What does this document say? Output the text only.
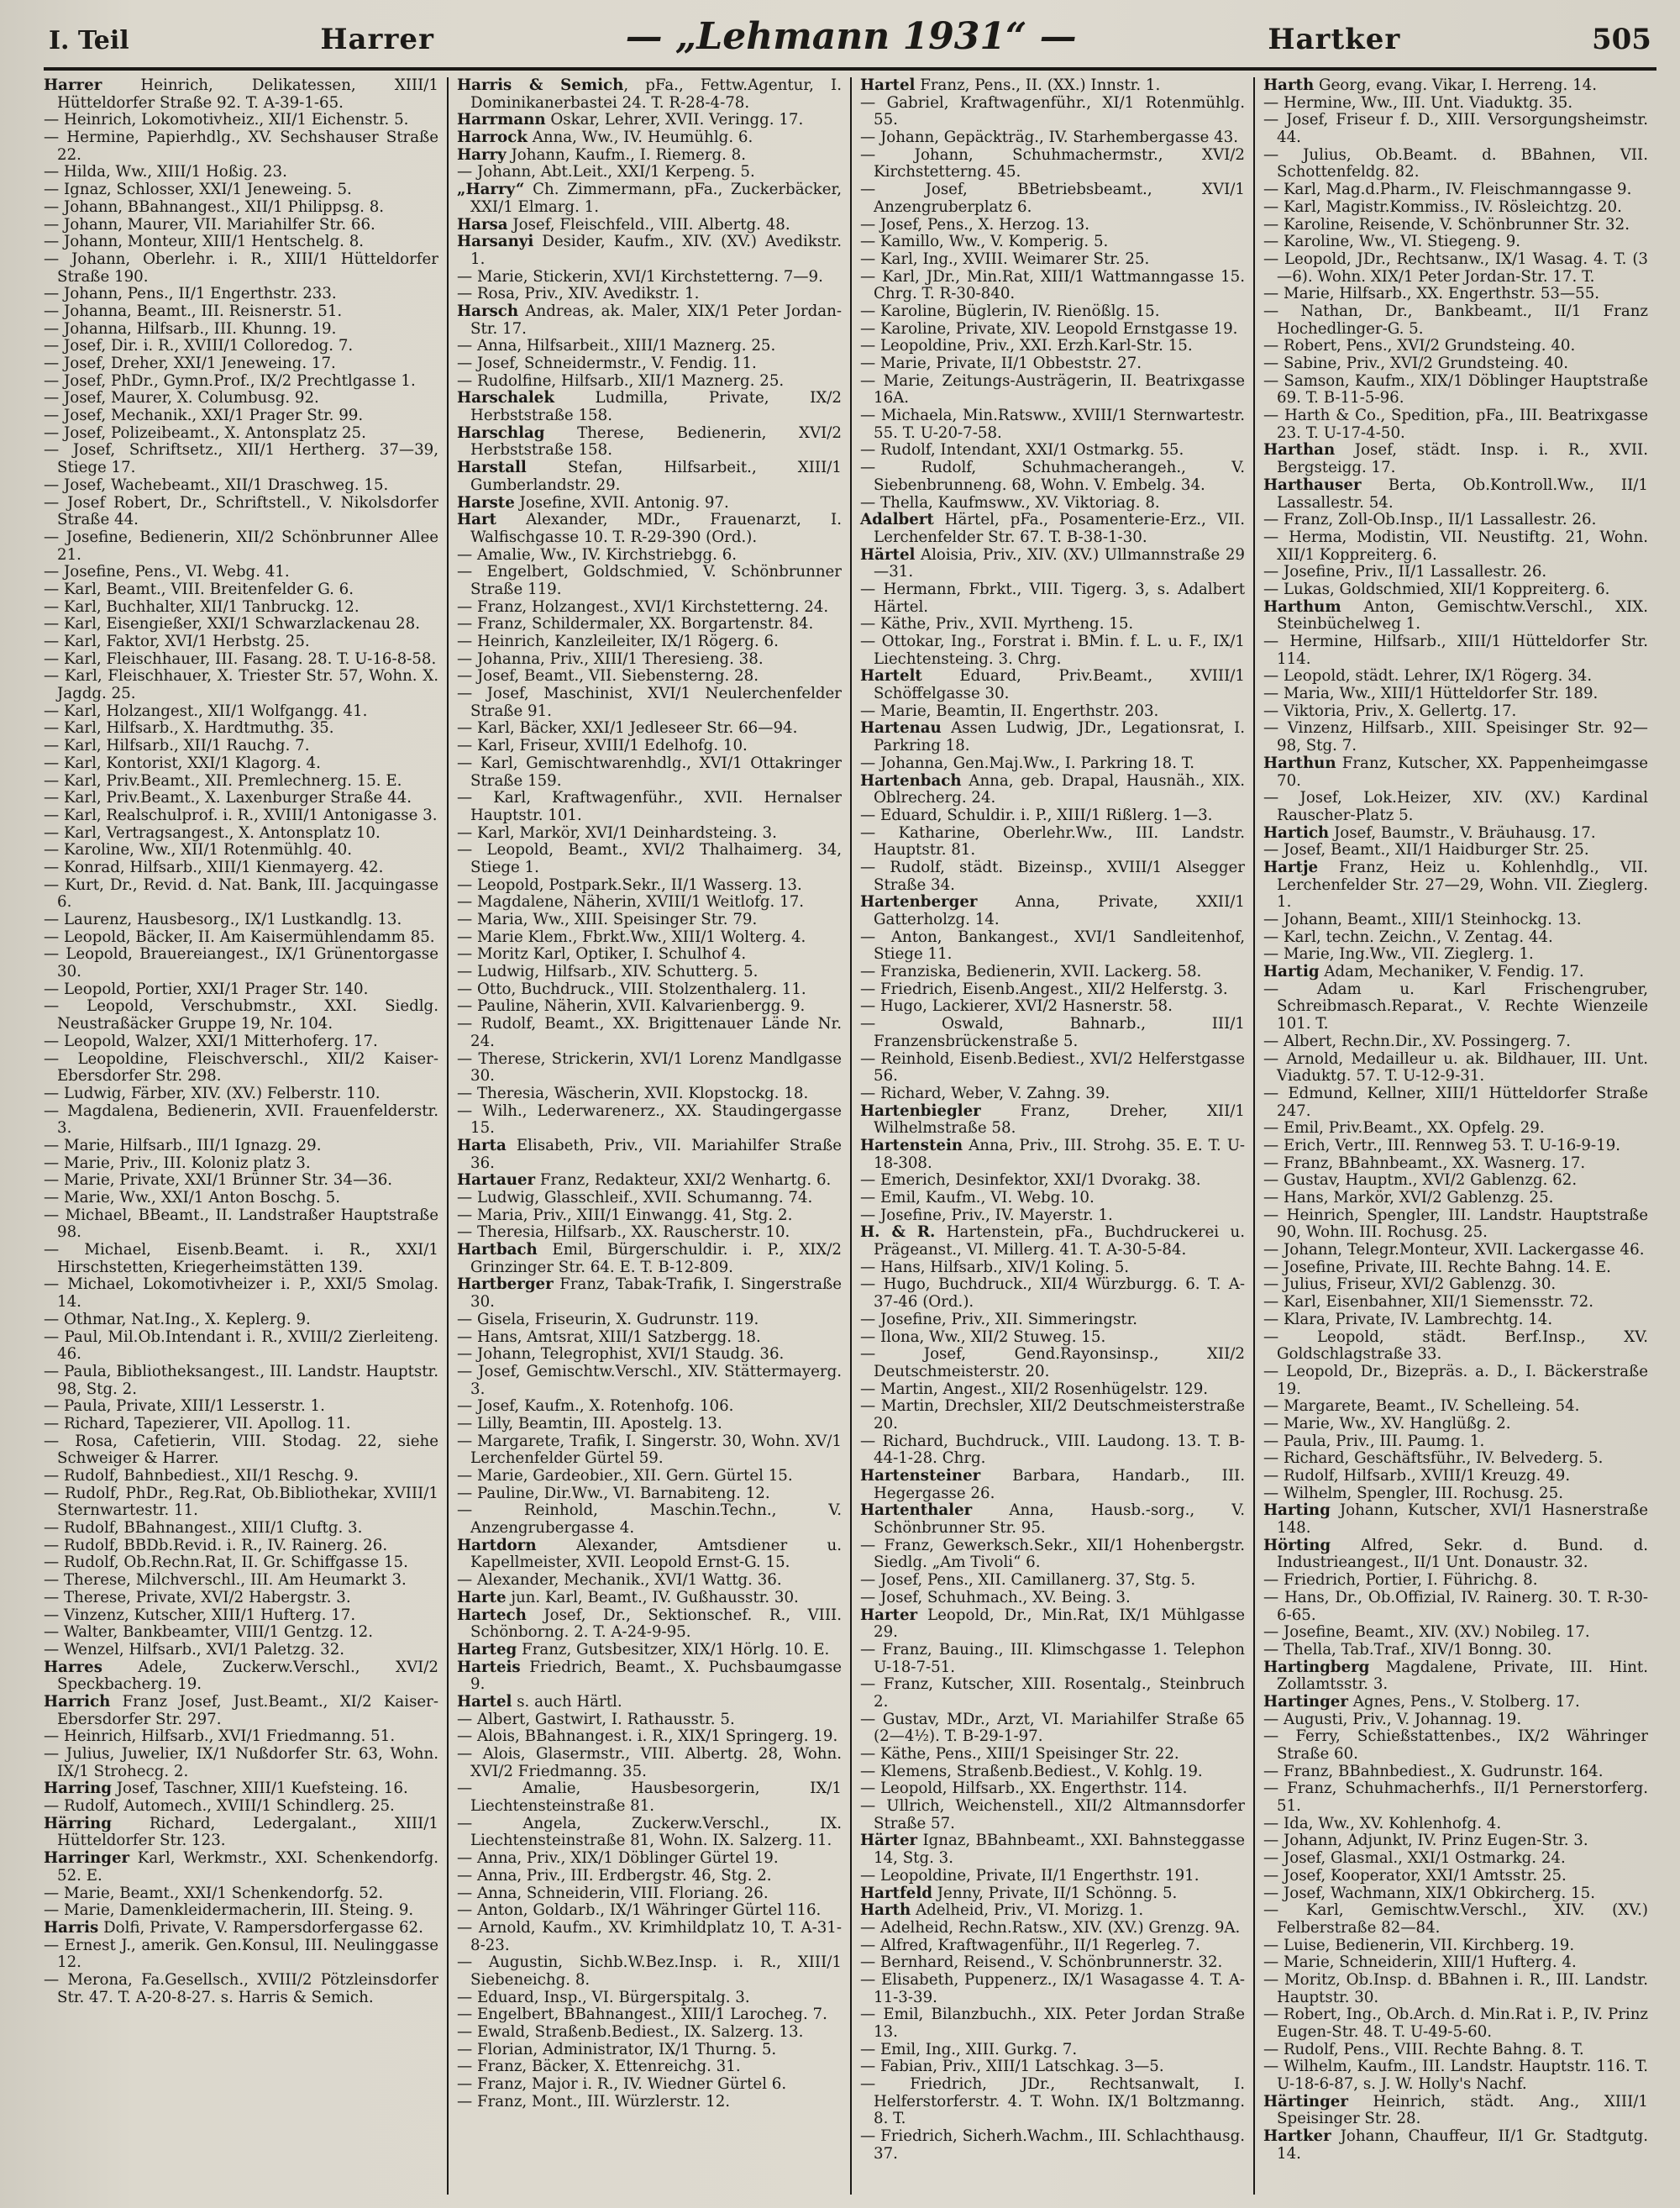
I. Teil	Harrer	— „Lehmann 1931“ —	Hartker	505

Harrer Heinrich, Delikatessen, XIII/1 Hütteldorfer Straße 92. T. A-39-1-65.

— Heinrich, Lokomotivheiz., XII/1 Eichenstr. 5.

— Hermine, Papierhdlg., XV. Sechshauser Straße 22.

— Hilda, Ww., XIII/1 Hoßig. 23.

— Ignaz, Schlosser, XXI/1 Jeneweing. 5.

— Johann, BBahnangest., XII/1 Philippsg. 8.

— Johann, Maurer, VII. Mariahilfer Str. 66.

— Johann, Monteur, XIII/1 Hentschelg. 8.

— Johann, Oberlehr. i. R., XIII/1 Hütteldorfer Straße 190.

— Johann, Pens., II/1 Engerthstr. 233.

— Johanna, Beamt., III. Reisnerstr. 51.

— Johanna, Hilfsarb., III. Khunng. 19.

— Josef, Dir. i. R., XVIII/1 Colloredog. 7.

— Josef, Dreher, XXI/1 Jeneweing. 17.

— Josef, PhDr., Gymn.Prof., IX/2 Prechtlgasse 1.

— Josef, Maurer, X. Columbusg. 92.

— Josef, Mechanik., XXI/1 Prager Str. 99.

— Josef, Polizeibeamt., X. Antonsplatz 25.

— Josef, Schriftsetz., XII/1 Hertherg. 37—39, Stiege 17.

— Josef, Wachebeamt., XII/1 Draschweg. 15.

— Josef Robert, Dr., Schriftstell., V. Nikolsdorfer Straße 44.

— Josefine, Bedienerin, XII/2 Schönbrunner Allee 21.

— Josefine, Pens., VI. Webg. 41.

— Karl, Beamt., VIII. Breitenfelder G. 6.

— Karl, Buchhalter, XII/1 Tanbruckg. 12.

— Karl, Eisengießer, XXI/1 Schwarzlackenau 28.

— Karl, Faktor, XVI/1 Herbstg. 25.

— Karl, Fleischhauer, III. Fasang. 28. T. U-16-8-58.

— Karl, Fleischhauer, X. Triester Str. 57, Wohn. X. Jagdg. 25.

— Karl, Holzangest., XII/1 Wolfgangg. 41.

— Karl, Hilfsarb., X. Hardtmuthg. 35.

— Karl, Hilfsarb., XII/1 Rauchg. 7.

— Karl, Kontorist, XXI/1 Klagorg. 4.

— Karl, Priv.Beamt., XII. Premlechnerg. 15. E.

— Karl, Priv.Beamt., X. Laxenburger Straße 44.

— Karl, Realschulprof. i. R., XVIII/1 Antonigasse 3.

— Karl, Vertragsangest., X. Antonsplatz 10.

— Karoline, Ww., XII/1 Rotenmühlg. 40.

— Konrad, Hilfsarb., XIII/1 Kienmayerg. 42.

— Kurt, Dr., Revid. d. Nat. Bank, III. Jacquingasse 6.

— Laurenz, Hausbesorg., IX/1 Lustkandlg. 13.

— Leopold, Bäcker, II. Am Kaisermühlendamm 85.

— Leopold, Brauereiangest., IX/1 Grünentorgasse 30.

— Leopold, Portier, XXI/1 Prager Str. 140.

— Leopold, Verschubmstr., XXI. Siedlg. Neustraßäcker Gruppe 19, Nr. 104.

— Leopold, Walzer, XXI/1 Mitterhoferg. 17.

— Leopoldine, Fleischverschl., XII/2 Kaiser-Ebersdorfer Str. 298.

— Ludwig, Färber, XIV. (XV.) Felberstr. 110.

— Magdalena, Bedienerin, XVII. Frauenfelderstr. 3.

— Marie, Hilfsarb., III/1 Ignazg. 29.

— Marie, Priv., III. Koloniz platz 3.

— Marie, Private, XXI/1 Brünner Str. 34—36.

— Marie, Ww., XXI/1 Anton Boschg. 5.

— Michael, BBeamt., II. Landstraßer Hauptstraße 98.

— Michael, Eisenb.Beamt. i. R., XXI/1 Hirschstetten, Kriegerheimstätten 139.

— Michael, Lokomotivheizer i. P., XXI/5 Smolag. 14.

— Othmar, Nat.Ing., X. Keplerg. 9.

— Paul, Mil.Ob.Intendant i. R., XVIII/2 Zierleiteng. 46.

— Paula, Bibliotheksangest., III. Landstr. Hauptstr. 98, Stg. 2.

— Paula, Private, XIII/1 Lesserstr. 1.

— Richard, Tapezierer, VII. Apollog. 11.

— Rosa, Cafetierin, VIII. Stodag. 22, siehe Schweiger & Harrer.

— Rudolf, Bahnbediest., XII/1 Reschg. 9.

— Rudolf, PhDr., Reg.Rat, Ob.Bibliothekar, XVIII/1 Sternwartestr. 11.

— Rudolf, BBahnangest., XIII/1 Cluftg. 3.

— Rudolf, BBDb.Revid. i. R., IV. Rainerg. 26.

— Rudolf, Ob.Rechn.Rat, II. Gr. Schiffgasse 15.

— Therese, Milchverschl., III. Am Heumarkt 3.

— Therese, Private, XVI/2 Habergstr. 3.

— Vinzenz, Kutscher, XIII/1 Hufterg. 17.

— Walter, Bankbeamter, VIII/1 Gentzg. 12.

— Wenzel, Hilfsarb., XVI/1 Paletzg. 32.

Harres Adele, Zuckerw.Verschl., XVI/2 Speckbacherg. 19.

Harrich Franz Josef, Just.Beamt., XI/2 Kaiser-Ebersdorfer Str. 297.

— Heinrich, Hilfsarb., XVI/1 Friedmanng. 51.

— Julius, Juwelier, IX/1 Nußdorfer Str. 63, Wohn. IX/1 Strohecg. 2.

Harring Josef, Taschner, XIII/1 Kuefsteing. 16.

— Rudolf, Automech., XVIII/1 Schindlerg. 25.

Härring Richard, Ledergalant., XIII/1 Hütteldorfer Str. 123.

Harringer Karl, Werkmstr., XXI. Schenkendorfg. 52. E.

— Marie, Beamt., XXI/1 Schenkendorfg. 52.

— Marie, Damenkleidermacherin, III. Steing. 9.

Harris Dolfi, Private, V. Rampersdorfergasse 62.

— Ernest J., amerik. Gen.Konsul, III. Neulinggasse 12.

— Merona, Fa.Gesellsch., XVIII/2 Pötzleinsdorfer Str. 47. T. A-20-8-27. s. Harris & Semich.

Harris & Semich, pFa., Fettw.Agentur, I. Dominikanerbastei 24. T. R-28-4-78.

Harrmann Oskar, Lehrer, XVII. Veringg. 17.

Harrock Anna, Ww., IV. Heumühlg. 6.

Harry Johann, Kaufm., I. Riemerg. 8.

— Johann, Abt.Leit., XXI/1 Kerpeng. 5.

„Harry“ Ch. Zimmermann, pFa., Zuckerbäcker, XXI/1 Elmarg. 1.

Harsa Josef, Fleischfeld., VIII. Albertg. 48.

Harsanyi Desider, Kaufm., XIV. (XV.) Avedikstr. 1.

— Marie, Stickerin, XVI/1 Kirchstetterng. 7—9.

— Rosa, Priv., XIV. Avedikstr. 1.

Harsch Andreas, ak. Maler, XIX/1 Peter Jordan-Str. 17.

— Anna, Hilfsarbeit., XIII/1 Maznerg. 25.

— Josef, Schneidermstr., V. Fendig. 11.

— Rudolfine, Hilfsarb., XII/1 Maznerg. 25.

Harschalek Ludmilla, Private, IX/2 Herbststraße 158.

Harschlag Therese, Bedienerin, XVI/2 Herbststraße 158.

Harstall Stefan, Hilfsarbeit., XIII/1 Gumberlandstr. 29.

Harste Josefine, XVII. Antonig. 97.

Hart Alexander, MDr., Frauenarzt, I. Walfischgasse 10. T. R-29-390 (Ord.).

— Amalie, Ww., IV. Kirchstriebgg. 6.

— Engelbert, Goldschmied, V. Schönbrunner Straße 119.

— Franz, Holzangest., XVI/1 Kirchstetterng. 24.

— Franz, Schildermaler, XX. Borgartenstr. 84.

— Heinrich, Kanzleileiter, IX/1 Rögerg. 6.

— Johanna, Priv., XIII/1 Theresieng. 38.

— Josef, Beamt., VII. Siebensterng. 28.

— Josef, Maschinist, XVI/1 Neulerchenfelder Straße 91.

— Karl, Bäcker, XXI/1 Jedleseer Str. 66—94.

— Karl, Friseur, XVIII/1 Edelhofg. 10.

— Karl, Gemischtwarenhdlg., XVI/1 Ottakringer Straße 159.

— Karl, Kraftwagenführ., XVII. Hernalser Hauptstr. 101.

— Karl, Markör, XVI/1 Deinhardsteing. 3.

— Leopold, Beamt., XVI/2 Thalhaimerg. 34, Stiege 1.

— Leopold, Postpark.Sekr., II/1 Wasserg. 13.

— Magdalene, Näherin, XVIII/1 Weitlofg. 17.

— Maria, Ww., XIII. Speisinger Str. 79.

— Marie Klem., Fbrkt.Ww., XIII/1 Wolterg. 4.

— Moritz Karl, Optiker, I. Schulhof 4.

— Ludwig, Hilfsarb., XIV. Schutterg. 5.

— Otto, Buchdruck., VIII. Stolzenthalerg. 11.

— Pauline, Näherin, XVII. Kalvarienbergg. 9.

— Rudolf, Beamt., XX. Brigittenauer Lände Nr. 24.

— Therese, Strickerin, XVI/1 Lorenz Mandlgasse 30.

— Theresia, Wäscherin, XVII. Klopstockg. 18.

— Wilh., Lederwarenerz., XX. Staudingergasse 15.

Harta Elisabeth, Priv., VII. Mariahilfer Straße 36.

Hartauer Franz, Redakteur, XXI/2 Wenhartg. 6.

— Ludwig, Glasschleif., XVII. Schumanng. 74.

— Maria, Priv., XIII/1 Einwangg. 41, Stg. 2.

— Theresia, Hilfsarb., XX. Rauscherstr. 10.

Hartbach Emil, Bürgerschuldir. i. P., XIX/2 Grinzinger Str. 64. E. T. B-12-809.

Hartberger Franz, Tabak-Trafik, I. Singerstraße 30.

— Gisela, Friseurin, X. Gudrunstr. 119.

— Hans, Amtsrat, XIII/1 Satzbergg. 18.

— Johann, Telegrophist, XVI/1 Staudg. 36.

— Josef, Gemischtw.Verschl., XIV. Stättermayerg. 3.

— Josef, Kaufm., X. Rotenhofg. 106.

— Lilly, Beamtin, III. Apostelg. 13.

— Margarete, Trafik, I. Singerstr. 30, Wohn. XV/1 Lerchenfelder Gürtel 59.

— Marie, Gardeobier., XII. Gern. Gürtel 15.

— Pauline, Dir.Ww., VI. Barnabiteng. 12.

— Reinhold, Maschin.Techn., V. Anzengrubergasse 4.

Hartdorn Alexander, Amtsdiener u. Kapellmeister, XVII. Leopold Ernst-G. 15.

— Alexander, Mechanik., XVI/1 Wattg. 36.

Harte jun. Karl, Beamt., IV. Gußhausstr. 30.

Hartech Josef, Dr., Sektionschef. R., VIII. Schönborng. 2. T. A-24-9-95.

Harteg Franz, Gutsbesitzer, XIX/1 Hörlg. 10. E.

Harteis Friedrich, Beamt., X. Puchsbaumgasse 9.

Hartel s. auch Härtl.

— Albert, Gastwirt, I. Rathausstr. 5.

— Alois, BBahnangest. i. R., XIX/1 Springerg. 19.

— Alois, Glasermstr., VIII. Albertg. 28, Wohn. XVI/2 Friedmanng. 35.

— Amalie, Hausbesorgerin, IX/1 Liechtensteinstraße 81.

— Angela, Zuckerw.Verschl., IX. Liechtensteinstraße 81, Wohn. IX. Salzerg. 11.

— Anna, Priv., XIX/1 Döblinger Gürtel 19.

— Anna, Priv., III. Erdbergstr. 46, Stg. 2.

— Anna, Schneiderin, VIII. Floriang. 26.

— Anton, Goldarb., IX/1 Währinger Gürtel 116.

— Arnold, Kaufm., XV. Krimhildplatz 10, T. A-31-8-23.

— Augustin, Sichb.W.Bez.Insp. i. R., XIII/1 Siebeneichg. 8.

— Eduard, Insp., VI. Bürgerspitalg. 3.

— Engelbert, BBahnangest., XIII/1 Larocheg. 7.

— Ewald, Straßenb.Bediest., IX. Salzerg. 13.

— Florian, Administrator, IX/1 Thurng. 5.

— Franz, Bäcker, X. Ettenreichg. 31.

— Franz, Major i. R., IV. Wiedner Gürtel 6.

— Franz, Mont., III. Würzlerstr. 12.

Hartel Franz, Pens., II. (XX.) Innstr. 1.

— Gabriel, Kraftwagenführ., XI/1 Rotenmühlg. 55.

— Johann, Gepäckträg., IV. Starhembergasse 43.

— Johann, Schuhmachermstr., XVI/2 Kirchstetterng. 45.

— Josef, BBetriebsbeamt., XVI/1 Anzengruberplatz 6.

— Josef, Pens., X. Herzog. 13.

— Kamillo, Ww., V. Komperig. 5.

— Karl, Ing., XVIII. Weimarer Str. 25.

— Karl, JDr., Min.Rat, XIII/1 Wattmanngasse 15. Chrg. T. R-30-840.

— Karoline, Büglerin, IV. Rienößlg. 15.

— Karoline, Private, XIV. Leopold Ernstgasse 19.

— Leopoldine, Priv., XXI. Erzh.Karl-Str. 15.

— Marie, Private, II/1 Obbeststr. 27.

— Marie, Zeitungs-Austrägerin, II. Beatrixgasse 16A.

— Michaela, Min.Ratsww., XVIII/1 Sternwartestr. 55. T. U-20-7-58.

— Rudolf, Intendant, XXI/1 Ostmarkg. 55.

— Rudolf, Schuhmacherangeh., V. Siebenbrunneng. 68, Wohn. V. Embelg. 34.

— Thella, Kaufmsww., XV. Viktoriag. 8.

Adalbert Härtel, pFa., Posamenterie-Erz., VII. Lerchenfelder Str. 67. T. B-38-1-30.

Härtel Aloisia, Priv., XIV. (XV.) Ullmannstraße 29—31.

— Hermann, Fbrkt., VIII. Tigerg. 3, s. Adalbert Härtel.

— Käthe, Priv., XVII. Myrtheng. 15.

— Ottokar, Ing., Forstrat i. BMin. f. L. u. F., IX/1 Liechtensteing. 3. Chrg.

Hartelt Eduard, Priv.Beamt., XVIII/1 Schöffelgasse 30.

— Marie, Beamtin, II. Engerthstr. 203.

Hartenau Assen Ludwig, JDr., Legationsrat, I. Parkring 18.

— Johanna, Gen.Maj.Ww., I. Parkring 18. T.

Hartenbach Anna, geb. Drapal, Hausnäh., XIX. Oblrecherg. 24.

— Eduard, Schuldir. i. P., XIII/1 Rißlerg. 1—3.

— Katharine, Oberlehr.Ww., III. Landstr. Hauptstr. 81.

— Rudolf, städt. Bizeinsp., XVIII/1 Alsegger Straße 34.

Hartenberger Anna, Private, XXII/1 Gatterholzg. 14.

— Anton, Bankangest., XVI/1 Sandleitenhof, Stiege 11.

— Franziska, Bedienerin, XVII. Lackerg. 58.

— Friedrich, Eisenb.Angest., XII/2 Helferstg. 3.

— Hugo, Lackierer, XVI/2 Hasnerstr. 58.

— Oswald, Bahnarb., III/1 Franzensbrückenstraße 5.

— Reinhold, Eisenb.Bediest., XVI/2 Helferstgasse 56.

— Richard, Weber, V. Zahng. 39.

Hartenbiegler Franz, Dreher, XII/1 Wilhelmstraße 58.

Hartenstein Anna, Priv., III. Strohg. 35. E. T. U-18-308.

— Emerich, Desinfektor, XXI/1 Dvorakg. 38.

— Emil, Kaufm., VI. Webg. 10.

— Josefine, Priv., IV. Mayerstr. 1.

H. & R. Hartenstein, pFa., Buchdruckerei u. Prägeanst., VI. Millerg. 41. T. A-30-5-84.

— Hans, Hilfsarb., XIV/1 Koling. 5.

— Hugo, Buchdruck., XII/4 Würzburgg. 6. T. A-37-46 (Ord.).

— Josefine, Priv., XII. Simmeringstr.

— Ilona, Ww., XII/2 Stuweg. 15.

— Josef, Gend.Rayonsinsp., XII/2 Deutschmeisterstr. 20.

— Martin, Angest., XII/2 Rosenhügelstr. 129.

— Martin, Drechsler, XII/2 Deutschmeisterstraße 20.

— Richard, Buchdruck., VIII. Laudong. 13. T. B-44-1-28. Chrg.

Hartensteiner Barbara, Handarb., III. Hegergasse 26.

Hartenthaler Anna, Hausb.-sorg., V. Schönbrunner Str. 95.

— Franz, Gewerksch.Sekr., XII/1 Hohenbergstr. Siedlg. „Am Tivoli“ 6.

— Josef, Pens., XII. Camillanerg. 37, Stg. 5.

— Josef, Schuhmach., XV. Being. 3.

Harter Leopold, Dr., Min.Rat, IX/1 Mühlgasse 29.

— Franz, Bauing., III. Klimschgasse 1. Telephon U-18-7-51.

— Franz, Kutscher, XIII. Rosentalg., Steinbruch 2.

— Gustav, MDr., Arzt, VI. Mariahilfer Straße 65 (2—4½). T. B-29-1-97.

— Käthe, Pens., XIII/1 Speisinger Str. 22.

— Klemens, Straßenb.Bediest., V. Kohlg. 19.

— Leopold, Hilfsarb., XX. Engerthstr. 114.

— Ullrich, Weichenstell., XII/2 Altmannsdorfer Straße 57.

Härter Ignaz, BBahnbeamt., XXI. Bahnsteggasse 14, Stg. 3.

— Leopoldine, Private, II/1 Engerthstr. 191.

Hartfeld Jenny, Private, II/1 Schönng. 5.

Harth Adelheid, Priv., VI. Morizg. 1.

— Adelheid, Rechn.Ratsw., XIV. (XV.) Grenzg. 9A.

— Alfred, Kraftwagenführ., II/1 Regerleg. 7.

— Bernhard, Reisend., V. Schönbrunnerstr. 32.

— Elisabeth, Puppenerz., IX/1 Wasagasse 4. T. A-11-3-39.

— Emil, Bilanzbuchh., XIX. Peter Jordan Straße 13.

— Emil, Ing., XIII. Gurkg. 7.

— Fabian, Priv., XIII/1 Latschkag. 3—5.

— Friedrich, JDr., Rechtsanwalt, I. Helferstorferstr. 4. T. Wohn. IX/1 Boltzmanng. 8. T.

— Friedrich, Sicherh.Wachm., III. Schlachthausg. 37.

Harth Georg, evang. Vikar, I. Herreng. 14.

— Hermine, Ww., III. Unt. Viaduktg. 35.

— Josef, Friseur f. D., XIII. Versorgungsheimstr. 44.

— Julius, Ob.Beamt. d. BBahnen, VII. Schottenfeldg. 82.

— Karl, Mag.d.Pharm., IV. Fleischmanngasse 9.

— Karl, Magistr.Kommiss., IV. Rösleichtzg. 20.

— Karoline, Reisende, V. Schönbrunner Str. 32.

— Karoline, Ww., VI. Stiegeng. 9.

— Leopold, JDr., Rechtsanw., IX/1 Wasag. 4. T. (3—6). Wohn. XIX/1 Peter Jordan-Str. 17. T.

— Marie, Hilfsarb., XX. Engerthstr. 53—55.

— Nathan, Dr., Bankbeamt., II/1 Franz Hochedlinger-G. 5.

— Robert, Pens., XVI/2 Grundsteing. 40.

— Sabine, Priv., XVI/2 Grundsteing. 40.

— Samson, Kaufm., XIX/1 Döblinger Hauptstraße 69. T. B-11-5-96.

— Harth & Co., Spedition, pFa., III. Beatrixgasse 23. T. U-17-4-50.

Harthan Josef, städt. Insp. i. R., XVII. Bergsteigg. 17.

Harthauser Berta, Ob.Kontroll.Ww., II/1 Lassallestr. 54.

— Franz, Zoll-Ob.Insp., II/1 Lassallestr. 26.

— Herma, Modistin, VII. Neustiftg. 21, Wohn. XII/1 Koppreiterg. 6.

— Josefine, Priv., II/1 Lassallestr. 26.

— Lukas, Goldschmied, XII/1 Koppreiterg. 6.

Harthum Anton, Gemischtw.Verschl., XIX. Steinbüchelweg 1.

— Hermine, Hilfsarb., XIII/1 Hütteldorfer Str. 114.

— Leopold, städt. Lehrer, IX/1 Rögerg. 34.

— Maria, Ww., XIII/1 Hütteldorfer Str. 189.

— Viktoria, Priv., X. Gellertg. 17.

— Vinzenz, Hilfsarb., XIII. Speisinger Str. 92—98, Stg. 7.

Harthun Franz, Kutscher, XX. Pappenheimgasse 70.

— Josef, Lok.Heizer, XIV. (XV.) Kardinal Rauscher-Platz 5.

Hartich Josef, Baumstr., V. Bräuhausg. 17.

— Josef, Beamt., XII/1 Haidburger Str. 25.

Hartje Franz, Heiz u. Kohlenhdlg., VII. Lerchenfelder Str. 27—29, Wohn. VII. Zieglerg. 1.

— Johann, Beamt., XIII/1 Steinhockg. 13.

— Karl, techn. Zeichn., V. Zentag. 44.

— Marie, Ing.Ww., VII. Zieglerg. 1.

Hartig Adam, Mechaniker, V. Fendig. 17.

— Adam u. Karl Frischengruber, Schreibmasch.Reparat., V. Rechte Wienzeile 101. T.

— Albert, Rechn.Dir., XV. Possingerg. 7.

— Arnold, Medailleur u. ak. Bildhauer, III. Unt. Viaduktg. 57. T. U-12-9-31.

— Edmund, Kellner, XIII/1 Hütteldorfer Straße 247.

— Emil, Priv.Beamt., XX. Opfelg. 29.

— Erich, Vertr., III. Rennweg 53. T. U-16-9-19.

— Franz, BBahnbeamt., XX. Wasnerg. 17.

— Gustav, Hauptm., XVI/2 Gablenzg. 62.

— Hans, Markör, XVI/2 Gablenzg. 25.

— Heinrich, Spengler, III. Landstr. Hauptstraße 90, Wohn. III. Rochusg. 25.

— Johann, Telegr.Monteur, XVII. Lackergasse 46.

— Josefine, Private, III. Rechte Bahng. 14. E.

— Julius, Friseur, XVI/2 Gablenzg. 30.

— Karl, Eisenbahner, XII/1 Siemensstr. 72.

— Klara, Private, IV. Lambrechtg. 14.

— Leopold, städt. Berf.Insp., XV. Goldschlagstraße 33.

— Leopold, Dr., Bizepräs. a. D., I. Bäckerstraße 19.

— Margarete, Beamt., IV. Schelleing. 54.

— Marie, Ww., XV. Hanglüßg. 2.

— Paula, Priv., III. Paumg. 1.

— Richard, Geschäftsführ., IV. Belvederg. 5.

— Rudolf, Hilfsarb., XVIII/1 Kreuzg. 49.

— Wilhelm, Spengler, III. Rochusg. 25.

Harting Johann, Kutscher, XVI/1 Hasnerstraße 148.

Hörting Alfred, Sekr. d. Bund. d. Industrieangest., II/1 Unt. Donaustr. 32.

— Friedrich, Portier, I. Führichg. 8.

— Hans, Dr., Ob.Offizial, IV. Rainerg. 30. T. R-30-6-65.

— Josefine, Beamt., XIV. (XV.) Nobileg. 17.

— Thella, Tab.Traf., XIV/1 Bonng. 30.

Hartingberg Magdalene, Private, III. Hint. Zollamtsstr. 3.

Hartinger Agnes, Pens., V. Stolberg. 17.

— Augusti, Priv., V. Johannag. 19.

— Ferry, Schießstattenbes., IX/2 Währinger Straße 60.

— Franz, BBahnbediest., X. Gudrunstr. 164.

— Franz, Schuhmacherhfs., II/1 Pernerstorferg. 51.

— Ida, Ww., XV. Kohlenhofg. 4.

— Johann, Adjunkt, IV. Prinz Eugen-Str. 3.

— Josef, Glasmal., XXI/1 Ostmarkg. 24.

— Josef, Kooperator, XXI/1 Amtsstr. 25.

— Josef, Wachmann, XIX/1 Obkircherg. 15.

— Karl, Gemischtw.Verschl., XIV. (XV.) Felberstraße 82—84.

— Luise, Bedienerin, VII. Kirchberg. 19.

— Marie, Schneiderin, XIII/1 Hufterg. 4.

— Moritz, Ob.Insp. d. BBahnen i. R., III. Landstr. Hauptstr. 30.

— Robert, Ing., Ob.Arch. d. Min.Rat i. P., IV. Prinz Eugen-Str. 48. T. U-49-5-60.

— Rudolf, Pens., VIII. Rechte Bahng. 8. T.

— Wilhelm, Kaufm., III. Landstr. Hauptstr. 116. T. U-18-6-87, s. J. W. Holly's Nachf.

Härtinger Heinrich, städt. Ang., XIII/1 Speisinger Str. 28.

Hartker Johann, Chauffeur, II/1 Gr. Stadtgutg. 14.
